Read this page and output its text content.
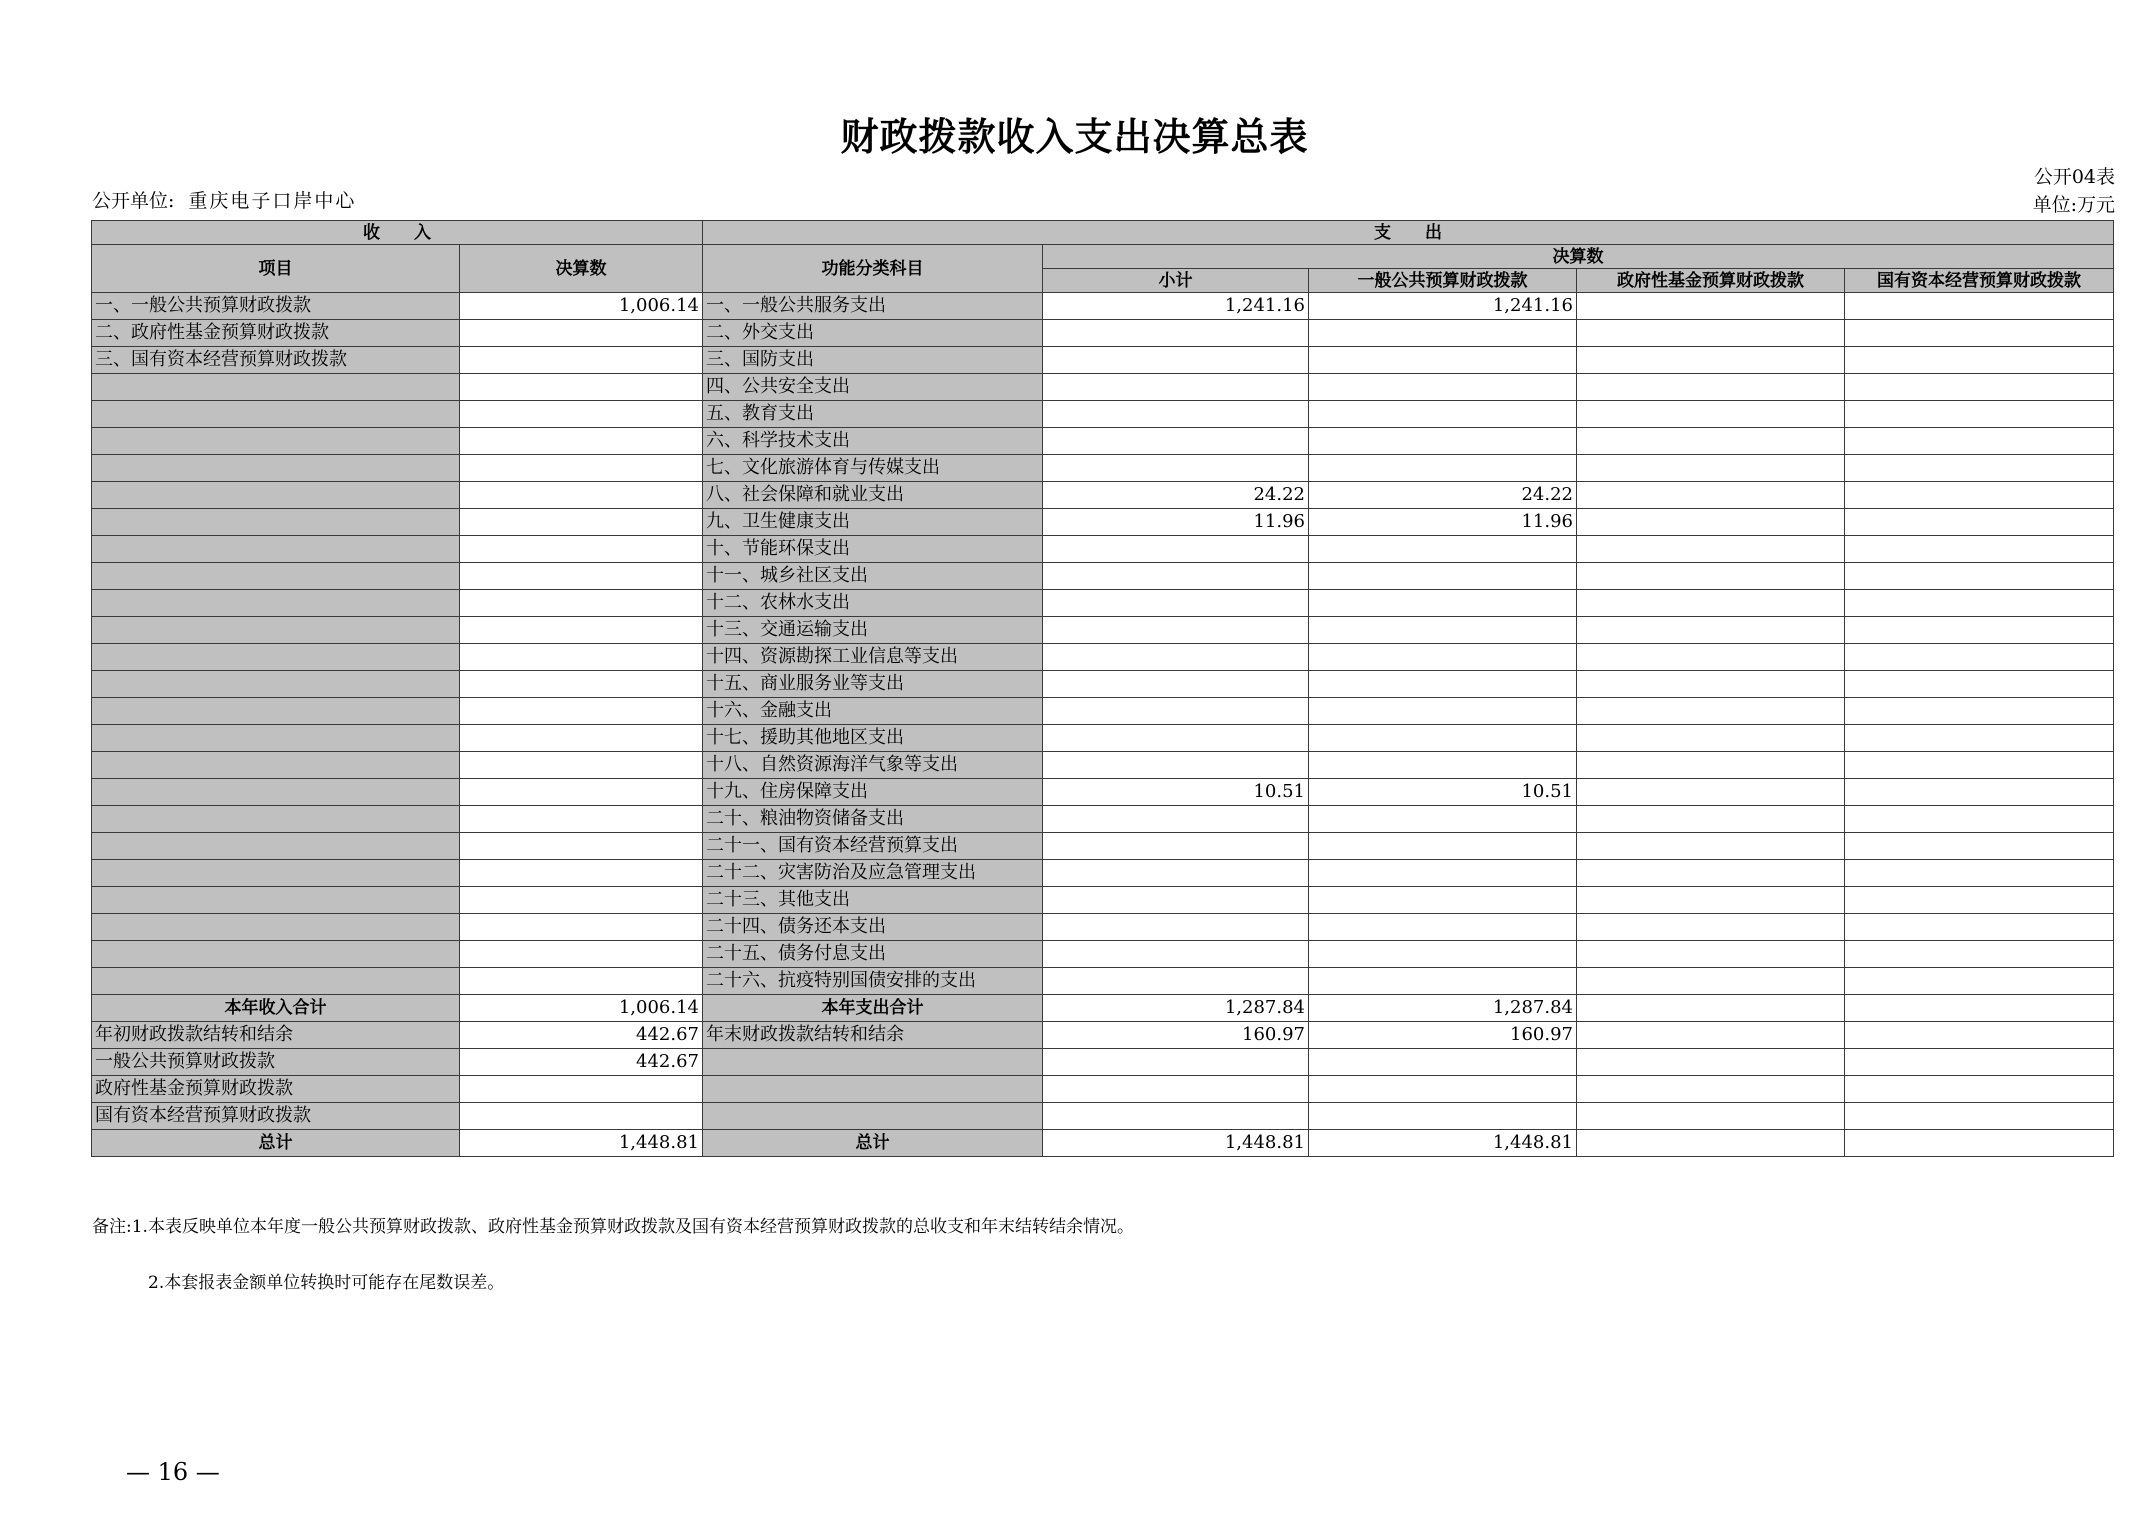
财政拨款收入支出决算总表
公开04表
公开单位: 重庆电子口岸中心	单位:万元
收　　入		支　　出				
项目	决算数	功能分类科目	决算数			
			小计	一般公共预算财政拨款	政府性基金预算财政拨款	国有资本经营预算财政拨款
一、一般公共预算财政拨款	1,006.14	一、一般公共服务支出	1,241.16	1,241.16		
二、政府性基金预算财政拨款		二、外交支出				
三、国有资本经营预算财政拨款		三、国防支出				
		四、公共安全支出				
		五、教育支出				
		六、科学技术支出				
		七、文化旅游体育与传媒支出				
		八、社会保障和就业支出	24.22	24.22		
		九、卫生健康支出	11.96	11.96		
		十、节能环保支出				
		十一、城乡社区支出				
		十二、农林水支出				
		十三、交通运输支出				
		十四、资源勘探工业信息等支出				
		十五、商业服务业等支出				
		十六、金融支出				
		十七、援助其他地区支出				
		十八、自然资源海洋气象等支出				
		十九、住房保障支出	10.51	10.51		
		二十、粮油物资储备支出				
		二十一、国有资本经营预算支出				
		二十二、灾害防治及应急管理支出				
		二十三、其他支出				
		二十四、债务还本支出				
		二十五、债务付息支出				
		二十六、抗疫特别国债安排的支出				
本年收入合计	1,006.14	本年支出合计	1,287.84	1,287.84		
年初财政拨款结转和结余	442.67	年末财政拨款结转和结余	160.97	160.97		
一般公共预算财政拨款	442.67					
政府性基金预算财政拨款						
国有资本经营预算财政拨款						
总计	1,448.81	总计	1,448.81	1,448.81		
备注:1.本表反映单位本年度一般公共预算财政拨款、政府性基金预算财政拨款及国有资本经营预算财政拨款的总收支和年末结转结余情况。
2.本套报表金额单位转换时可能存在尾数误差。
— 16 —
